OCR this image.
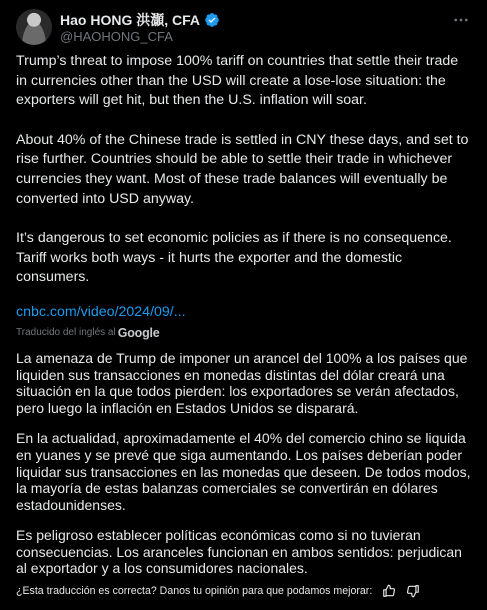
Hao HONG 洪灝, CFA
@HAOHONG_CFA

Trump’s threat to impose 100% tariff on countries that settle their trade in currencies other than the USD will create a lose-lose situation: the exporters will get hit, but then the U.S. inflation will soar.

About 40% of the Chinese trade is settled in CNY these days, and set to rise further. Countries should be able to settle their trade in whichever currencies they want. Most of these trade balances will eventually be converted into USD anyway.

It’s dangerous to set economic policies as if there is no consequence. Tariff works both ways - it hurts the exporter and the domestic consumers.

cnbc.com/video/2024/09/...
Traducido del inglés al Google

La amenaza de Trump de imponer un arancel del 100% a los países que liquiden sus transacciones en monedas distintas del dólar creará una situación en la que todos pierden: los exportadores se verán afectados, pero luego la inflación en Estados Unidos se disparará.

En la actualidad, aproximadamente el 40% del comercio chino se liquida en yuanes y se prevé que siga aumentando. Los países deberían poder liquidar sus transacciones en las monedas que deseen. De todos modos, la mayoría de estas balanzas comerciales se convertirán en dólares estadounidenses.

Es peligroso establecer políticas económicas como si no tuvieran consecuencias. Los aranceles funcionan en ambos sentidos: perjudican al exportador y a los consumidores nacionales.

¿Esta traducción es correcta? Danos tu opinión para que podamos mejorar:
